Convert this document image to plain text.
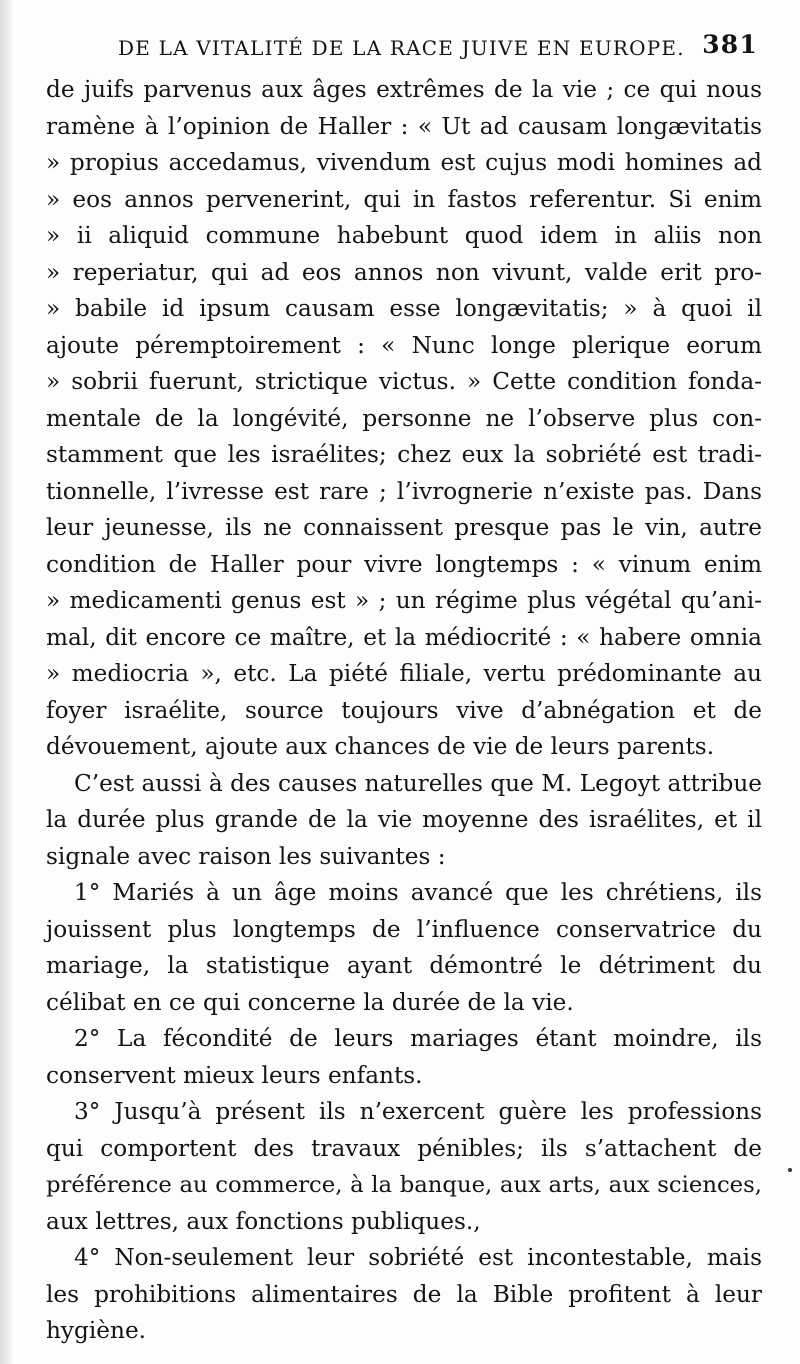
DE LA VITALITÉ DE LA RACE JUIVE EN EUROPE. 381
de juifs parvenus aux âges extrêmes de la vie ; ce qui nous
ramène à l’opinion de Haller : « Ut ad causam longævitatis
» propius accedamus, vivendum est cujus modi homines ad
» eos annos pervenerint, qui in fastos referentur. Si enim
» ii aliquid commune habebunt quod idem in aliis non
» reperiatur, qui ad eos annos non vivunt, valde erit pro-
» babile id ipsum causam esse longævitatis; » à quoi il
ajoute péremptoirement : « Nunc longe plerique eorum
» sobrii fuerunt, strictique victus. » Cette condition fonda-
mentale de la longévité, personne ne l’observe plus con-
stamment que les israélites; chez eux la sobriété est tradi-
tionnelle, l’ivresse est rare ; l’ivrognerie n’existe pas. Dans
leur jeunesse, ils ne connaissent presque pas le vin, autre
condition de Haller pour vivre longtemps : « vinum enim
» medicamenti genus est » ; un régime plus végétal qu’ani-
mal, dit encore ce maître, et la médiocrité : « habere omnia
» mediocria », etc. La piété filiale, vertu prédominante au
foyer israélite, source toujours vive d’abnégation et de
dévouement, ajoute aux chances de vie de leurs parents.
C’est aussi à des causes naturelles que M. Legoyt attribue
la durée plus grande de la vie moyenne des israélites, et il
signale avec raison les suivantes :
1° Mariés à un âge moins avancé que les chrétiens, ils
jouissent plus longtemps de l’influence conservatrice du
mariage, la statistique ayant démontré le détriment du
célibat en ce qui concerne la durée de la vie.
2° La fécondité de leurs mariages étant moindre, ils
conservent mieux leurs enfants.
3° Jusqu’à présent ils n’exercent guère les professions
qui comportent des travaux pénibles; ils s’attachent de
préférence au commerce, à la banque, aux arts, aux sciences,
aux lettres, aux fonctions publiques.,
4° Non-seulement leur sobriété est incontestable, mais
les prohibitions alimentaires de la Bible profitent à leur
hygiène.
